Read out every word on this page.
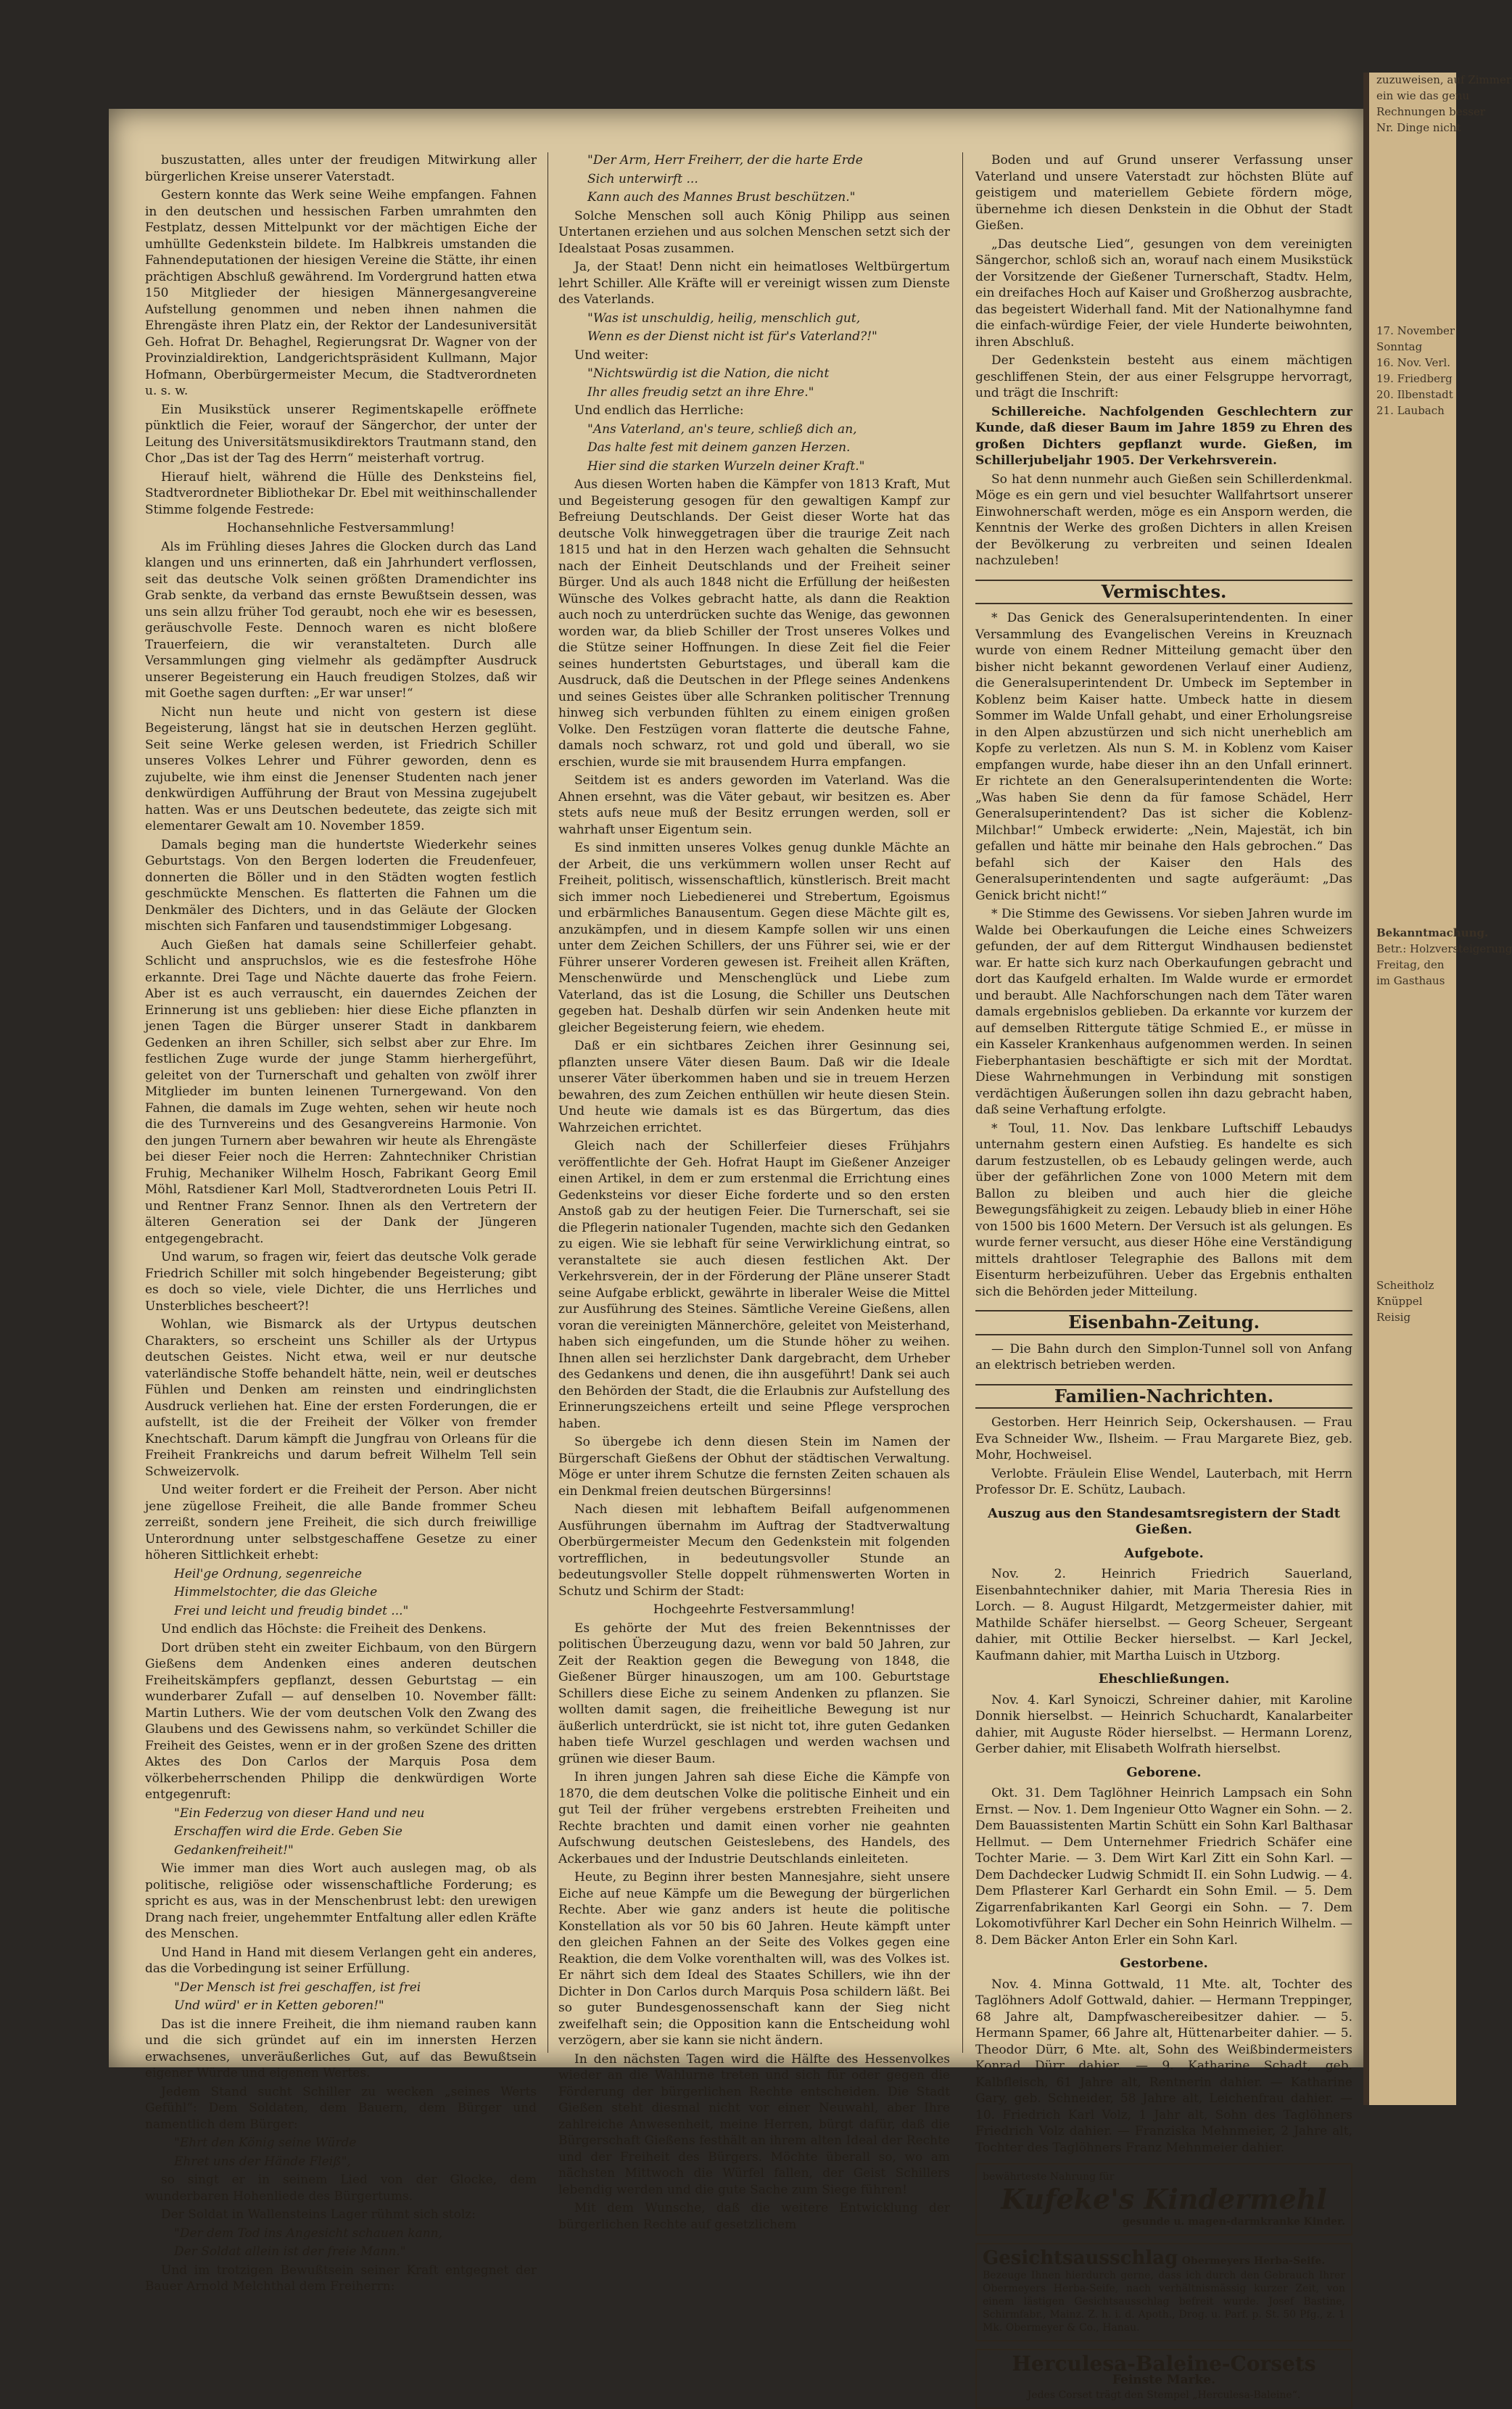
buszustatten, alles unter der freudigen Mitwirkung aller bürgerlichen Kreise unserer Vaterstadt.

Gestern konnte das Werk seine Weihe empfangen. Fahnen in den deutschen und hessischen Farben umrahmten den Festplatz, dessen Mittelpunkt vor der mächtigen Eiche der umhüllte Gedenkstein bildete. Im Halbkreis umstanden die Fahnendeputationen der hiesigen Vereine die Stätte, ihr einen prächtigen Abschluß gewährend. Im Vordergrund hatten etwa 150 Mitglieder der hiesigen Männergesangvereine Aufstellung genommen und neben ihnen nahmen die Ehrengäste ihren Platz ein, der Rektor der Landesuniversität Geh. Hofrat Dr. Behaghel, Regierungsrat Dr. Wagner von der Provinzialdirektion, Landgerichtspräsident Kullmann, Major Hofmann, Oberbürgermeister Mecum, die Stadtverordneten u. s. w.

Ein Musikstück unserer Regimentskapelle eröffnete pünktlich die Feier, worauf der Sängerchor, der unter der Leitung des Universitätsmusikdirektors Trautmann stand, den Chor „Das ist der Tag des Herrn“ meisterhaft vortrug.

Hierauf hielt, während die Hülle des Denksteins fiel, Stadtverordneter Bibliothekar Dr. Ebel mit weithinschallender Stimme folgende Festrede:

Hochansehnliche Festversammlung!

Als im Frühling dieses Jahres die Glocken durch das Land klangen und uns erinnerten, daß ein Jahrhundert verflossen, seit das deutsche Volk seinen größten Dramendichter ins Grab senkte, da verband das ernste Bewußtsein dessen, was uns sein allzu früher Tod geraubt, noch ehe wir es besessen, geräuschvolle Feste. Dennoch waren es nicht bloßere Trauerfeiern, die wir veranstalteten. Durch alle Versammlungen ging vielmehr als gedämpfter Ausdruck unserer Begeisterung ein Hauch freudigen Stolzes, daß wir mit Goethe sagen durften: „Er war unser!“

Nicht nun heute und nicht von gestern ist diese Begeisterung, längst hat sie in deutschen Herzen geglüht. Seit seine Werke gelesen werden, ist Friedrich Schiller unseres Volkes Lehrer und Führer geworden, denn es zujubelte, wie ihm einst die Jenenser Studenten nach jener denkwürdigen Aufführung der Braut von Messina zugejubelt hatten. Was er uns Deutschen bedeutete, das zeigte sich mit elementarer Gewalt am 10. November 1859.

Damals beging man die hundertste Wiederkehr seines Geburtstags. Von den Bergen loderten die Freudenfeuer, donnerten die Böller und in den Städten wogten festlich geschmückte Menschen. Es flatterten die Fahnen um die Denkmäler des Dichters, und in das Geläute der Glocken mischten sich Fanfaren und tausendstimmiger Lobgesang.

Auch Gießen hat damals seine Schillerfeier gehabt. Schlicht und anspruchslos, wie es die festesfrohe Höhe erkannte. Drei Tage und Nächte dauerte das frohe Feiern. Aber ist es auch verrauscht, ein dauerndes Zeichen der Erinnerung ist uns geblieben: hier diese Eiche pflanzten in jenen Tagen die Bürger unserer Stadt in dankbarem Gedenken an ihren Schiller, sich selbst aber zur Ehre. Im festlichen Zuge wurde der junge Stamm hierhergeführt, geleitet von der Turnerschaft und gehalten von zwölf ihrer Mitglieder im bunten leinenen Turnergewand. Von den Fahnen, die damals im Zuge wehten, sehen wir heute noch die des Turnvereins und des Gesangvereins Harmonie. Von den jungen Turnern aber bewahren wir heute als Ehrengäste bei dieser Feier noch die Herren: Zahntechniker Christian Fruhig, Mechaniker Wilhelm Hosch, Fabrikant Georg Emil Möhl, Ratsdiener Karl Moll, Stadtverordneten Louis Petri II. und Rentner Franz Sennor. Ihnen als den Vertretern der älteren Generation sei der Dank der Jüngeren entgegengebracht.

Und warum, so fragen wir, feiert das deutsche Volk gerade Friedrich Schiller mit solch hingebender Begeisterung; gibt es doch so viele, viele Dichter, die uns Herrliches und Unsterbliches bescheert?!

Wohlan, wie Bismarck als der Urtypus deutschen Charakters, so erscheint uns Schiller als der Urtypus deutschen Geistes. Nicht etwa, weil er nur deutsche vaterländische Stoffe behandelt hätte, nein, weil er deutsches Fühlen und Denken am reinsten und eindringlichsten Ausdruck verliehen hat. Eine der ersten Forderungen, die er aufstellt, ist die der Freiheit der Völker von fremder Knechtschaft. Darum kämpft die Jungfrau von Orleans für die Freiheit Frankreichs und darum befreit Wilhelm Tell sein Schweizervolk.

Und weiter fordert er die Freiheit der Person. Aber nicht jene zügellose Freiheit, die alle Bande frommer Scheu zerreißt, sondern jene Freiheit, die sich durch freiwillige Unterordnung unter selbstgeschaffene Gesetze zu einer höheren Sittlichkeit erhebt:

Heil'ge Ordnung, segenreiche

Himmelstochter, die das Gleiche

Frei und leicht und freudig bindet ..."

Und endlich das Höchste: die Freiheit des Denkens.

Dort drüben steht ein zweiter Eichbaum, von den Bürgern Gießens dem Andenken eines anderen deutschen Freiheitskämpfers gepflanzt, dessen Geburtstag — ein wunderbarer Zufall — auf denselben 10. November fällt: Martin Luthers. Wie der vom deutschen Volk den Zwang des Glaubens und des Gewissens nahm, so verkündet Schiller die Freiheit des Geistes, wenn er in der großen Szene des dritten Aktes des Don Carlos der Marquis Posa dem völkerbeherrschenden Philipp die denkwürdigen Worte entgegenruft:

"Ein Federzug von dieser Hand und neu

Erschaffen wird die Erde. Geben Sie

Gedankenfreiheit!"

Wie immer man dies Wort auch auslegen mag, ob als politische, religiöse oder wissenschaftliche Forderung; es spricht es aus, was in der Menschenbrust lebt: den urewigen Drang nach freier, ungehemmter Entfaltung aller edlen Kräfte des Menschen.

Und Hand in Hand mit diesem Verlangen geht ein anderes, das die Vorbedingung ist seiner Erfüllung.

"Der Mensch ist frei geschaffen, ist frei

Und würd' er in Ketten geboren!"

Das ist die innere Freiheit, die ihm niemand rauben kann und die sich gründet auf ein im innersten Herzen erwachsenes, unveräußerliches Gut, auf das Bewußtsein eigener Würde und eigenen Wertes.

Jedem Stand sucht Schiller zu wecken „seines Werts Gefühl“: Dem Soldaten, dem Bauern, dem Bürger und namentlich dem Bürger:

"Ehrt den König seine Würde

Ehret uns der Hände Fleiß",

so singt er in seinem Lied von der Glocke, dem wunderbaren Hohenliede des Bürgertums.

Der Soldat in Wallensteins Lager rühmt sich stolz:

"Der dem Tod ins Angesicht schauen kann,

Der Soldat allein ist der freie Mann."

Und im trotzigen Bewußtsein seiner Kraft entgegnet der Bauer Arnold Melchthal dem Freiherrn:

"Der Arm, Herr Freiherr, der die harte Erde

Sich unterwirft ...

Kann auch des Mannes Brust beschützen."

Solche Menschen soll auch König Philipp aus seinen Untertanen erziehen und aus solchen Menschen setzt sich der Idealstaat Posas zusammen.

Ja, der Staat! Denn nicht ein heimatloses Weltbürgertum lehrt Schiller. Alle Kräfte will er vereinigt wissen zum Dienste des Vaterlands.

"Was ist unschuldig, heilig, menschlich gut,

Wenn es der Dienst nicht ist für's Vaterland?!"

Und weiter:

"Nichtswürdig ist die Nation, die nicht

Ihr alles freudig setzt an ihre Ehre."

Und endlich das Herrliche:

"Ans Vaterland, an's teure, schließ dich an,

Das halte fest mit deinem ganzen Herzen.

Hier sind die starken Wurzeln deiner Kraft."

Aus diesen Worten haben die Kämpfer von 1813 Kraft, Mut und Begeisterung gesogen für den gewaltigen Kampf zur Befreiung Deutschlands. Der Geist dieser Worte hat das deutsche Volk hinweggetragen über die traurige Zeit nach 1815 und hat in den Herzen wach gehalten die Sehnsucht nach der Einheit Deutschlands und der Freiheit seiner Bürger. Und als auch 1848 nicht die Erfüllung der heißesten Wünsche des Volkes gebracht hatte, als dann die Reaktion auch noch zu unterdrücken suchte das Wenige, das gewonnen worden war, da blieb Schiller der Trost unseres Volkes und die Stütze seiner Hoffnungen. In diese Zeit fiel die Feier seines hundertsten Geburtstages, und überall kam die Ausdruck, daß die Deutschen in der Pflege seines Andenkens und seines Geistes über alle Schranken politischer Trennung hinweg sich verbunden fühlten zu einem einigen großen Volke. Den Festzügen voran flatterte die deutsche Fahne, damals noch schwarz, rot und gold und überall, wo sie erschien, wurde sie mit brausendem Hurra empfangen.

Seitdem ist es anders geworden im Vaterland. Was die Ahnen ersehnt, was die Väter gebaut, wir besitzen es. Aber stets aufs neue muß der Besitz errungen werden, soll er wahrhaft unser Eigentum sein.

Es sind inmitten unseres Volkes genug dunkle Mächte an der Arbeit, die uns verkümmern wollen unser Recht auf Freiheit, politisch, wissenschaftlich, künstlerisch. Breit macht sich immer noch Liebedienerei und Strebertum, Egoismus und erbärmliches Banausentum. Gegen diese Mächte gilt es, anzukämpfen, und in diesem Kampfe sollen wir uns einen unter dem Zeichen Schillers, der uns Führer sei, wie er der Führer unserer Vorderen gewesen ist. Freiheit allen Kräften, Menschenwürde und Menschenglück und Liebe zum Vaterland, das ist die Losung, die Schiller uns Deutschen gegeben hat. Deshalb dürfen wir sein Andenken heute mit gleicher Begeisterung feiern, wie ehedem.

Daß er ein sichtbares Zeichen ihrer Gesinnung sei, pflanzten unsere Väter diesen Baum. Daß wir die Ideale unserer Väter überkommen haben und sie in treuem Herzen bewahren, des zum Zeichen enthüllen wir heute diesen Stein. Und heute wie damals ist es das Bürgertum, das dies Wahrzeichen errichtet.

Gleich nach der Schillerfeier dieses Frühjahrs veröffentlichte der Geh. Hofrat Haupt im Gießener Anzeiger einen Artikel, in dem er zum erstenmal die Errichtung eines Gedenksteins vor dieser Eiche forderte und so den ersten Anstoß gab zu der heutigen Feier. Die Turnerschaft, sei sie die Pflegerin nationaler Tugenden, machte sich den Gedanken zu eigen. Wie sie lebhaft für seine Verwirklichung eintrat, so veranstaltete sie auch diesen festlichen Akt. Der Verkehrsverein, der in der Förderung der Pläne unserer Stadt seine Aufgabe erblickt, gewährte in liberaler Weise die Mittel zur Ausführung des Steines. Sämtliche Vereine Gießens, allen voran die vereinigten Männerchöre, geleitet von Meisterhand, haben sich eingefunden, um die Stunde höher zu weihen. Ihnen allen sei herzlichster Dank dargebracht, dem Urheber des Gedankens und denen, die ihn ausgeführt! Dank sei auch den Behörden der Stadt, die die Erlaubnis zur Aufstellung des Erinnerungszeichens erteilt und seine Pflege versprochen haben.

So übergebe ich denn diesen Stein im Namen der Bürgerschaft Gießens der Obhut der städtischen Verwaltung. Möge er unter ihrem Schutze die fernsten Zeiten schauen als ein Denkmal freien deutschen Bürgersinns!

Nach diesen mit lebhaftem Beifall aufgenommenen Ausführungen übernahm im Auftrag der Stadtverwaltung Oberbürgermeister Mecum den Gedenkstein mit folgenden vortrefflichen, in bedeutungsvoller Stunde an bedeutungsvoller Stelle doppelt rühmenswerten Worten in Schutz und Schirm der Stadt:

Hochgeehrte Festversammlung!

Es gehörte der Mut des freien Bekenntnisses der politischen Überzeugung dazu, wenn vor bald 50 Jahren, zur Zeit der Reaktion gegen die Bewegung von 1848, die Gießener Bürger hinauszogen, um am 100. Geburtstage Schillers diese Eiche zu seinem Andenken zu pflanzen. Sie wollten damit sagen, die freiheitliche Bewegung ist nur äußerlich unterdrückt, sie ist nicht tot, ihre guten Gedanken haben tiefe Wurzel geschlagen und werden wachsen und grünen wie dieser Baum.

In ihren jungen Jahren sah diese Eiche die Kämpfe von 1870, die dem deutschen Volke die politische Einheit und ein gut Teil der früher vergebens erstrebten Freiheiten und Rechte brachten und damit einen vorher nie geahnten Aufschwung deutschen Geisteslebens, des Handels, des Ackerbaues und der Industrie Deutschlands einleiteten.

Heute, zu Beginn ihrer besten Mannesjahre, sieht unsere Eiche auf neue Kämpfe um die Bewegung der bürgerlichen Rechte. Aber wie ganz anders ist heute die politische Konstellation als vor 50 bis 60 Jahren. Heute kämpft unter den gleichen Fahnen an der Seite des Volkes gegen eine Reaktion, die dem Volke vorenthalten will, was des Volkes ist. Er nährt sich dem Ideal des Staates Schillers, wie ihn der Dichter in Don Carlos durch Marquis Posa schildern läßt. Bei so guter Bundesgenossenschaft kann der Sieg nicht zweifelhaft sein; die Opposition kann die Entscheidung wohl verzögern, aber sie kann sie nicht ändern.

In den nächsten Tagen wird die Hälfte des Hessenvolkes wieder an die Wahlurne treten und sich für oder gegen die Förderung der bürgerlichen Rechte entscheiden. Die Stadt Gießen steht diesmal nicht vor einer Neuwahl, aber Ihre zahlreiche Anwesenheit, meine Herren, bürgt dafür, daß die Bürgerschaft Gießens festhält an ihrem alten Ideal der Rechte und der Freiheit des Bürgers. Möchte überall so, wo am nächsten Mittwoch die Würfel fallen, der Geist Schillers lebendig werden und die gute Sache zum Siege führen!

Mit dem Wunsche, daß die weitere Entwicklung der bürgerlichen Rechte auf gesetzlichem

Boden und auf Grund unserer Verfassung unser Vaterland und unsere Vaterstadt zur höchsten Blüte auf geistigem und materiellem Gebiete fördern möge, übernehme ich diesen Denkstein in die Obhut der Stadt Gießen.

„Das deutsche Lied“, gesungen von dem vereinigten Sängerchor, schloß sich an, worauf nach einem Musikstück der Vorsitzende der Gießener Turnerschaft, Stadtv. Helm, ein dreifaches Hoch auf Kaiser und Großherzog ausbrachte, das begeistert Widerhall fand. Mit der Nationalhymne fand die einfach-würdige Feier, der viele Hunderte beiwohnten, ihren Abschluß.

Der Gedenkstein besteht aus einem mächtigen geschliffenen Stein, der aus einer Felsgruppe hervorragt, und trägt die Inschrift:

Schillereiche. Nachfolgenden Geschlechtern zur Kunde, daß dieser Baum im Jahre 1859 zu Ehren des großen Dichters gepflanzt wurde. Gießen, im Schillerjubeljahr 1905. Der Verkehrsverein.

So hat denn nunmehr auch Gießen sein Schillerdenkmal. Möge es ein gern und viel besuchter Wallfahrtsort unserer Einwohnerschaft werden, möge es ein Ansporn werden, die Kenntnis der Werke des großen Dichters in allen Kreisen der Bevölkerung zu verbreiten und seinen Idealen nachzuleben!

Vermischtes.

* Das Genick des Generalsuperintendenten. In einer Versammlung des Evangelischen Vereins in Kreuznach wurde von einem Redner Mitteilung gemacht über den bisher nicht bekannt gewordenen Verlauf einer Audienz, die Generalsuperintendent Dr. Umbeck im September in Koblenz beim Kaiser hatte. Umbeck hatte in diesem Sommer im Walde Unfall gehabt, und einer Erholungsreise in den Alpen abzustürzen und sich nicht unerheblich am Kopfe zu verletzen. Als nun S. M. in Koblenz vom Kaiser empfangen wurde, habe dieser ihn an den Unfall erinnert. Er richtete an den Generalsuperintendenten die Worte: „Was haben Sie denn da für famose Schädel, Herr Generalsuperintendent? Das ist sicher die Koblenz-Milchbar!“ Umbeck erwiderte: „Nein, Majestät, ich bin gefallen und hätte mir beinahe den Hals gebrochen.“ Das befahl sich der Kaiser den Hals des Generalsuperintendenten und sagte aufgeräumt: „Das Genick bricht nicht!“

* Die Stimme des Gewissens. Vor sieben Jahren wurde im Walde bei Oberkaufungen die Leiche eines Schweizers gefunden, der auf dem Rittergut Windhausen bedienstet war. Er hatte sich kurz nach Oberkaufungen gebracht und dort das Kaufgeld erhalten. Im Walde wurde er ermordet und beraubt. Alle Nachforschungen nach dem Täter waren damals ergebnislos geblieben. Da erkannte vor kurzem der auf demselben Rittergute tätige Schmied E., er müsse in ein Kasseler Krankenhaus aufgenommen werden. In seinen Fieberphantasien beschäftigte er sich mit der Mordtat. Diese Wahrnehmungen in Verbindung mit sonstigen verdächtigen Äußerungen sollen ihn dazu gebracht haben, daß seine Verhaftung erfolgte.

* Toul, 11. Nov. Das lenkbare Luftschiff Lebaudys unternahm gestern einen Aufstieg. Es handelte es sich darum festzustellen, ob es Lebaudy gelingen werde, auch über der gefährlichen Zone von 1000 Metern mit dem Ballon zu bleiben und auch hier die gleiche Bewegungsfähigkeit zu zeigen. Lebaudy blieb in einer Höhe von 1500 bis 1600 Metern. Der Versuch ist als gelungen. Es wurde ferner versucht, aus dieser Höhe eine Verständigung mittels drahtloser Telegraphie des Ballons mit dem Eisenturm herbeizuführen. Ueber das Ergebnis enthalten sich die Behörden jeder Mitteilung.

Eisenbahn-Zeitung.

— Die Bahn durch den Simplon-Tunnel soll von Anfang an elektrisch betrieben werden.

Familien-Nachrichten.

Gestorben. Herr Heinrich Seip, Ockershausen. — Frau Eva Schneider Ww., Ilsheim. — Frau Margarete Biez, geb. Mohr, Hochweisel.

Verlobte. Fräulein Elise Wendel, Lauterbach, mit Herrn Professor Dr. E. Schütz, Laubach.

Auszug aus den Standesamtsregistern der Stadt Gießen.
Aufgebote.

Nov. 2. Heinrich Friedrich Sauerland, Eisenbahntechniker dahier, mit Maria Theresia Ries in Lorch. — 8. August Hilgardt, Metzgermeister dahier, mit Mathilde Schäfer hierselbst. — Georg Scheuer, Sergeant dahier, mit Ottilie Becker hierselbst. — Karl Jeckel, Kaufmann dahier, mit Martha Luisch in Utzborg.

Eheschließungen.

Nov. 4. Karl Synoiczi, Schreiner dahier, mit Karoline Donnik hierselbst. — Heinrich Schuchardt, Kanalarbeiter dahier, mit Auguste Röder hierselbst. — Hermann Lorenz, Gerber dahier, mit Elisabeth Wolfrath hierselbst.

Geborene.

Okt. 31. Dem Taglöhner Heinrich Lampsach ein Sohn Ernst. — Nov. 1. Dem Ingenieur Otto Wagner ein Sohn. — 2. Dem Bauassistenten Martin Schütt ein Sohn Karl Balthasar Hellmut. — Dem Unternehmer Friedrich Schäfer eine Tochter Marie. — 3. Dem Wirt Karl Zitt ein Sohn Karl. — Dem Dachdecker Ludwig Schmidt II. ein Sohn Ludwig. — 4. Dem Pflasterer Karl Gerhardt ein Sohn Emil. — 5. Dem Zigarrenfabrikanten Karl Georgi ein Sohn. — 7. Dem Lokomotivführer Karl Decher ein Sohn Heinrich Wilhelm. — 8. Dem Bäcker Anton Erler ein Sohn Karl.

Gestorbene.

Nov. 4. Minna Gottwald, 11 Mte. alt, Tochter des Taglöhners Adolf Gottwald, dahier. — Hermann Treppinger, 68 Jahre alt, Dampfwaschereibesitzer dahier. — 5. Hermann Spamer, 66 Jahre alt, Hüttenarbeiter dahier. — 5. Theodor Dürr, 6 Mte. alt, Sohn des Weißbindermeisters Konrad Dürr dahier. — 9. Katharine Schadt, geb. Kalbfleisch, 61 Jahre alt, Rentnerin dahier. — Katharine Gary, geb. Schneider, 58 Jahre alt, Leichenfrau dahier. — 10. Friedrich Karl Volz, 1 Jahr alt, Sohn des Taglöhners Friedrich Volz dahier. — Franziska Mehnmeier, 2 Jahre alt, Tochter des Taglöhners Franz Mehnmeier dahier.

bewährteste Nahrung für
Kufeke's Kindermehl
gesunde u. magen-darmkranke Kinder.
Gesichtsausschlag Obermeyers Herba-Seife.
Bezeuge Ihnen hierdurch gerne, dass ich durch den Gebrauch Ihrer Obermeyers Herba-Seife, nach verhältnismässig kurzer Zeit, von einem lästigen Gesichtsausschlag befreit wurde. Josef Bastine, Schirmfabr., Mainz. Z. h. i. d. Apoth., Drog. u. Parf. p. St. 50 Pfg., z. 1 Mk. Obermeyer & Co., Hanau.
Herculesa-Baleine-Corsets
Feinste Marke.
Jedes Corset trägt den Stempel „Herculesa-Baleine“.
zuzuweisen, auf Zimmer
ein wie das genu
Rechnungen besser
Nr. Dinge nicht
17. November
Sonntag
16. Nov. Verl.
19. Friedberg
20. Ilbenstadt
21. Laubach
Bekanntmachung.
Betr.: Holzversteigerung
Freitag, den
im Gasthaus
Scheitholz
Knüppel
Reisig
